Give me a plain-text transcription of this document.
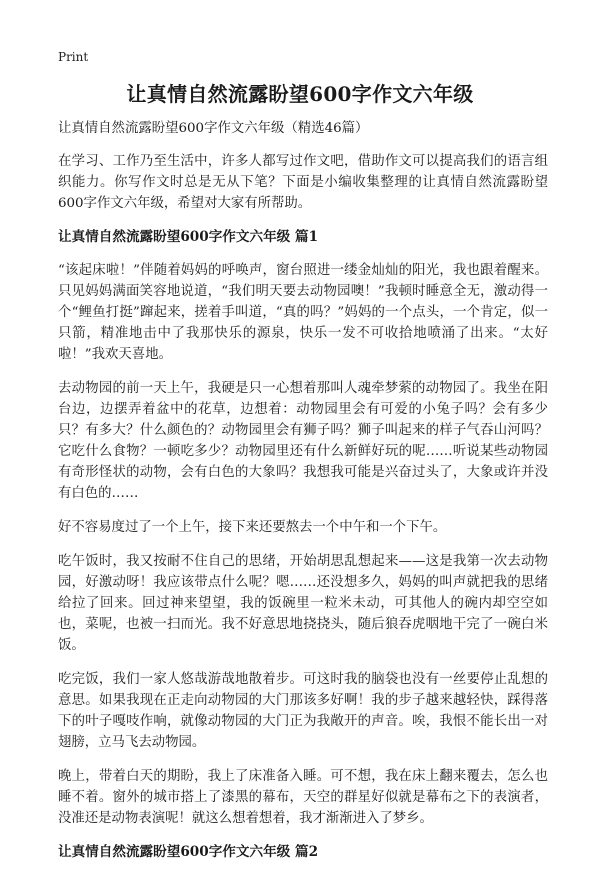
Print
让真情自然流露盼望600字作文六年级

让真情自然流露盼望600字作文六年级（精选46篇）

在学习、工作乃至生活中，许多人都写过作文吧，借助作文可以提高我们的语言组织能力。你写作文时总是无从下笔？下面是小编收集整理的让真情自然流露盼望600字作文六年级，希望对大家有所帮助。

让真情自然流露盼望600字作文六年级 篇1

“该起床啦！”伴随着妈妈的呼唤声，窗台照进一缕金灿灿的阳光，我也跟着醒来。只见妈妈满面笑容地说道，“我们明天要去动物园噢！”我顿时睡意全无，激动得一个“鲤鱼打挺”蹿起来，搓着手叫道，“真的吗？”妈妈的一个点头，一个肯定，似一只箭，精准地击中了我那快乐的源泉，快乐一发不可收拾地喷涌了出来。“太好啦！”我欢天喜地。

去动物园的前一天上午，我硬是只一心想着那叫人魂牵梦萦的动物园了。我坐在阳台边，边摆弄着盆中的花草，边想着：动物园里会有可爱的小兔子吗？会有多少只？有多大？什么颜色的？动物园里会有狮子吗？狮子叫起来的样子气吞山河吗？它吃什么食物？一顿吃多少？动物园里还有什么新鲜好玩的呢……听说某些动物园有奇形怪状的动物，会有白色的大象吗？我想我可能是兴奋过头了，大象或许并没有白色的……

好不容易度过了一个上午，接下来还要熬去一个中午和一个下午。

吃午饭时，我又按耐不住自己的思绪，开始胡思乱想起来——这是我第一次去动物园，好激动呀！我应该带点什么呢？嗯……还没想多久，妈妈的叫声就把我的思绪给拉了回来。回过神来望望，我的饭碗里一粒米未动，可其他人的碗内却空空如也，菜呢，也被一扫而光。我不好意思地挠挠头，随后狼吞虎咽地干完了一碗白米饭。

吃完饭，我们一家人悠哉游哉地散着步。可这时我的脑袋也没有一丝要停止乱想的意思。如果我现在正走向动物园的大门那该多好啊！我的步子越来越轻快，踩得落下的叶子嘎吱作响，就像动物园的大门正为我敞开的声音。唉，我恨不能长出一对翅膀，立马飞去动物园。

晚上，带着白天的期盼，我上了床准备入睡。可不想，我在床上翻来覆去，怎么也睡不着。窗外的城市搭上了漆黑的幕布，天空的群星好似就是幕布之下的表演者，没准还是动物表演呢！就这么想着想着，我才渐渐进入了梦乡。

让真情自然流露盼望600字作文六年级 篇2
